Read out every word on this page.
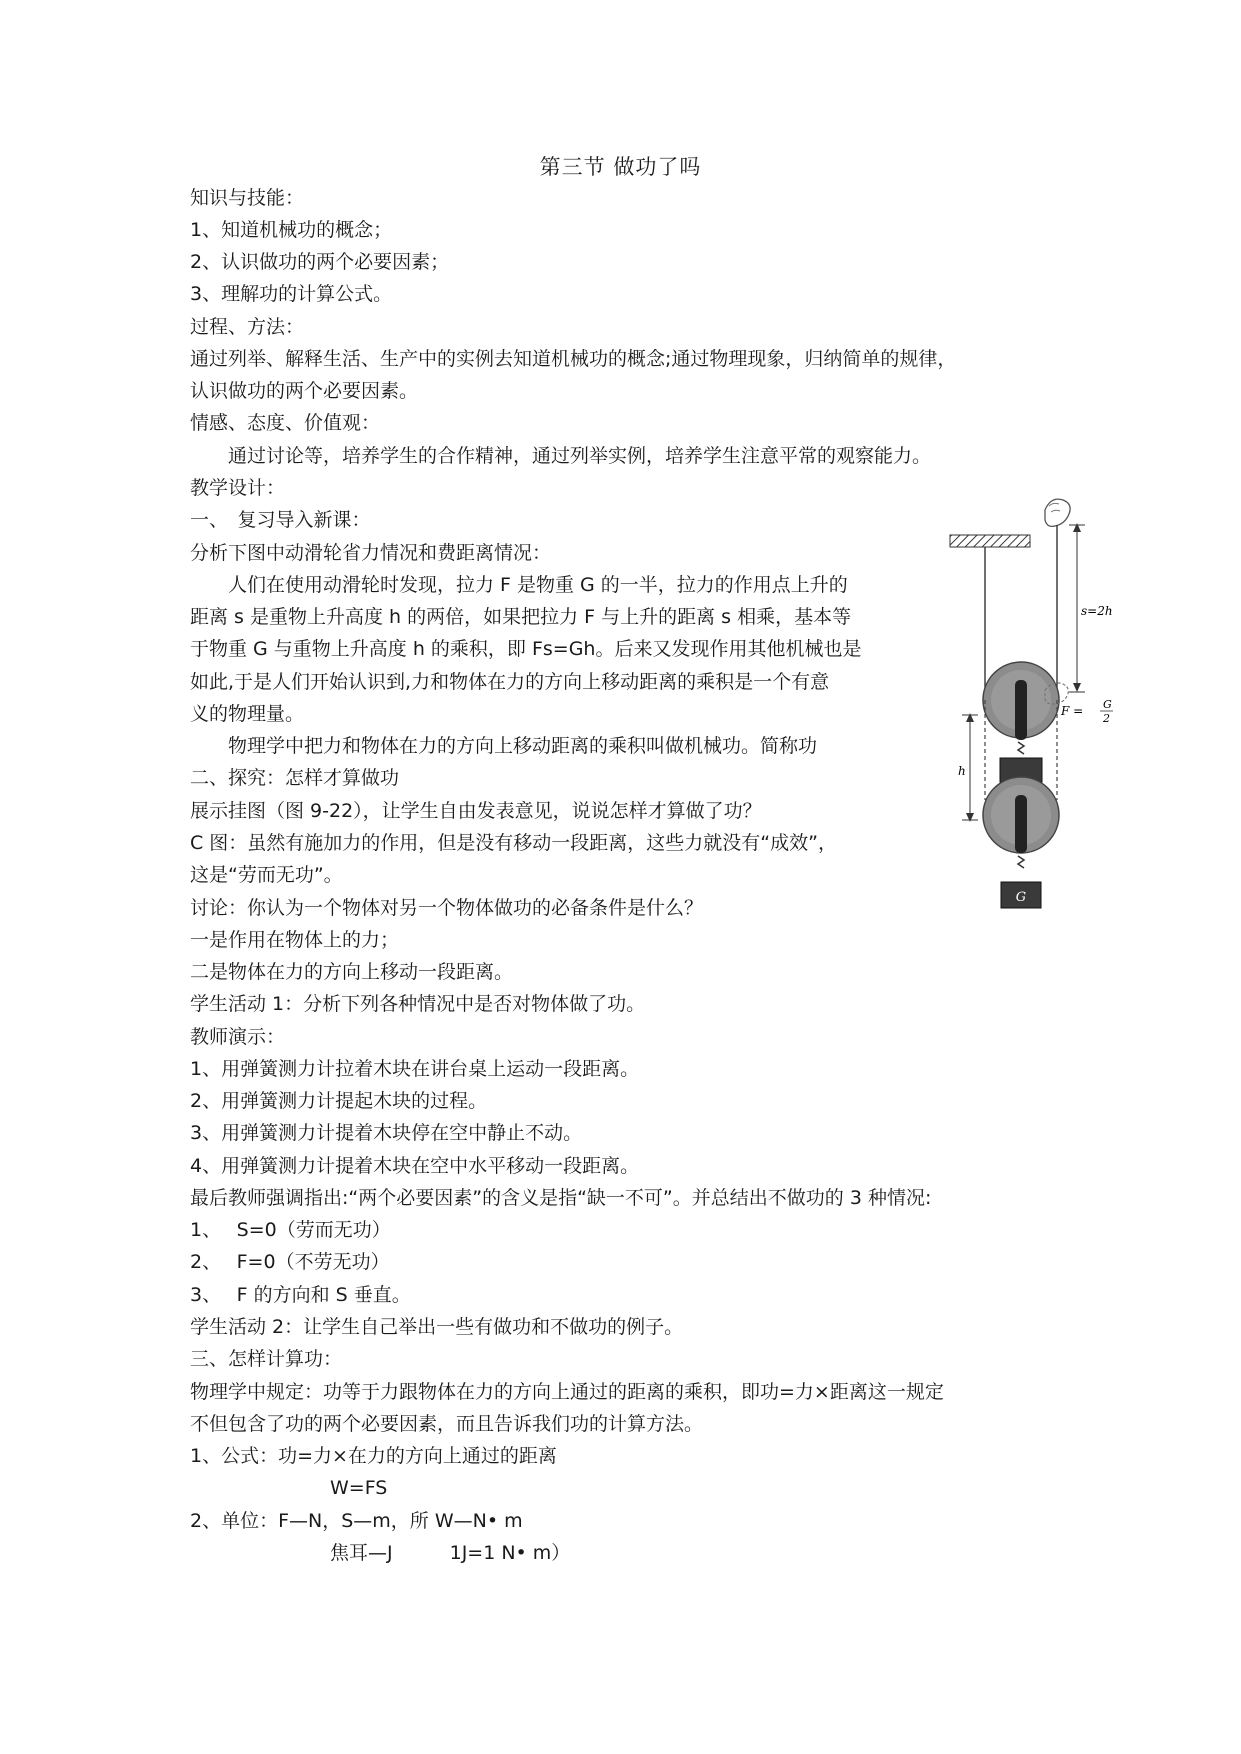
第三节 做功了吗
知识与技能：
1、知道机械功的概念；
2、认识做功的两个必要因素；
3、理解功的计算公式。
过程、方法：
通过列举、解释生活、生产中的实例去知道机械功的概念;通过物理现象，归纳简单的规律，
认识做功的两个必要因素。
情感、态度、价值观：
　　通过讨论等，培养学生的合作精神，通过列举实例，培养学生注意平常的观察能力。
教学设计：
一、　复习导入新课：
分析下图中动滑轮省力情况和费距离情况：
　　人们在使用动滑轮时发现，拉力 F 是物重 G 的一半，拉力的作用点上升的
距离 s 是重物上升高度 h 的两倍，如果把拉力 F 与上升的距离 s 相乘，基本等
于物重 G 与重物上升高度 h 的乘积，即 Fs=Gh。后来又发现作用其他机械也是
如此,于是人们开始认识到,力和物体在力的方向上移动距离的乘积是一个有意
义的物理量。
　　物理学中把力和物体在力的方向上移动距离的乘积叫做机械功。简称功
二、探究：怎样才算做功
展示挂图（图 9-22），让学生自由发表意见，说说怎样才算做了功？
C 图：虽然有施加力的作用，但是没有移动一段距离，这些力就没有“成效”，
这是“劳而无功”。
讨论：你认为一个物体对另一个物体做功的必备条件是什么？
一是作用在物体上的力；
二是物体在力的方向上移动一段距离。
学生活动 1：分析下列各种情况中是否对物体做了功。
教师演示：
1、用弹簧测力计拉着木块在讲台桌上运动一段距离。
2、用弹簧测力计提起木块的过程。
3、用弹簧测力计提着木块停在空中静止不动。
4、用弹簧测力计提着木块在空中水平移动一段距离。
最后教师强调指出:“两个必要因素”的含义是指“缺一不可”。并总结出不做功的 3 种情况:
1、　 S=0（劳而无功）
2、　 F=0（不劳无功）
3、　 F 的方向和 S 垂直。
学生活动 2：让学生自己举出一些有做功和不做功的例子。
三、怎样计算功：
物理学中规定：功等于力跟物体在力的方向上通过的距离的乘积，即功=力×距离这一规定
不但包含了功的两个必要因素，而且告诉我们功的计算方法。
1、公式：功=力×在力的方向上通过的距离
W=FS
2、单位：F—N，S—m，所 W—N• m
焦耳—J　　　1J=1 N• m）
G
s=2h
F = G
2
h
